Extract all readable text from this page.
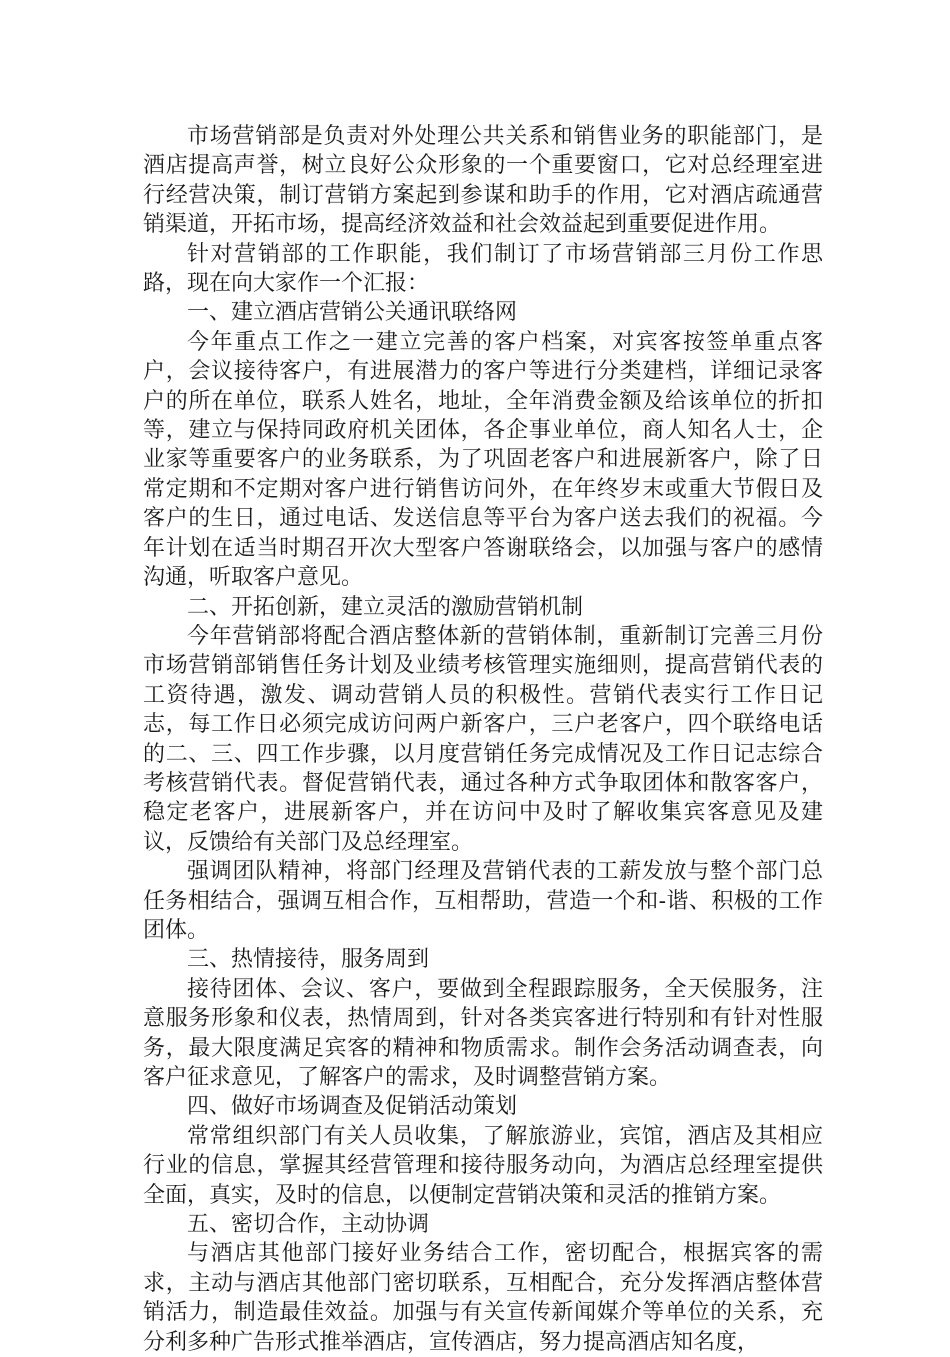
市场营销部是负责对外处理公共关系和销售业务的职能部门，是酒店提高声誉，树立良好公众形象的一个重要窗口，它对总经理室进行经营决策，制订营销方案起到参谋和助手的作用，它对酒店疏通营销渠道，开拓市场，提高经济效益和社会效益起到重要促进作用。

针对营销部的工作职能，我们制订了市场营销部三月份工作思路，现在向大家作一个汇报：

一、建立酒店营销公关通讯联络网

今年重点工作之一建立完善的客户档案，对宾客按签单重点客户，会议接待客户，有进展潜力的客户等进行分类建档，详细记录客户的所在单位，联系人姓名，地址，全年消费金额及给该单位的折扣等，建立与保持同政府机关团体，各企事业单位，商人知名人士，企业家等重要客户的业务联系，为了巩固老客户和进展新客户，除了日常定期和不定期对客户进行销售访问外，在年终岁末或重大节假日及客户的生日，通过电话、发送信息等平台为客户送去我们的祝福。今年计划在适当时期召开次大型客户答谢联络会，以加强与客户的感情沟通，听取客户意见。

二、开拓创新，建立灵活的激励营销机制

今年营销部将配合酒店整体新的营销体制，重新制订完善三月份市场营销部销售任务计划及业绩考核管理实施细则，提高营销代表的工资待遇，激发、调动营销人员的积极性。营销代表实行工作日记志，每工作日必须完成访问两户新客户，三户老客户，四个联络电话的二、三、四工作步骤，以月度营销任务完成情况及工作日记志综合考核营销代表。督促营销代表，通过各种方式争取团体和散客客户，稳定老客户，进展新客户，并在访问中及时了解收集宾客意见及建议，反馈给有关部门及总经理室。

强调团队精神，将部门经理及营销代表的工薪发放与整个部门总任务相结合，强调互相合作，互相帮助，营造一个和-谐、积极的工作团体。

三、热情接待，服务周到

接待团体、会议、客户，要做到全程跟踪服务，全天侯服务，注意服务形象和仪表，热情周到，针对各类宾客进行特别和有针对性服务，最大限度满足宾客的精神和物质需求。制作会务活动调查表，向客户征求意见，了解客户的需求，及时调整营销方案。

四、做好市场调查及促销活动策划

常常组织部门有关人员收集，了解旅游业，宾馆，酒店及其相应行业的信息，掌握其经营管理和接待服务动向，为酒店总经理室提供全面，真实，及时的信息，以便制定营销决策和灵活的推销方案。

五、密切合作，主动协调

与酒店其他部门接好业务结合工作，密切配合，根据宾客的需求，主动与酒店其他部门密切联系，互相配合，充分发挥酒店整体营销活力，制造最佳效益。加强与有关宣传新闻媒介等单位的关系，充分利多种广告形式推举酒店，宣传酒店，努力提高酒店知名度，
